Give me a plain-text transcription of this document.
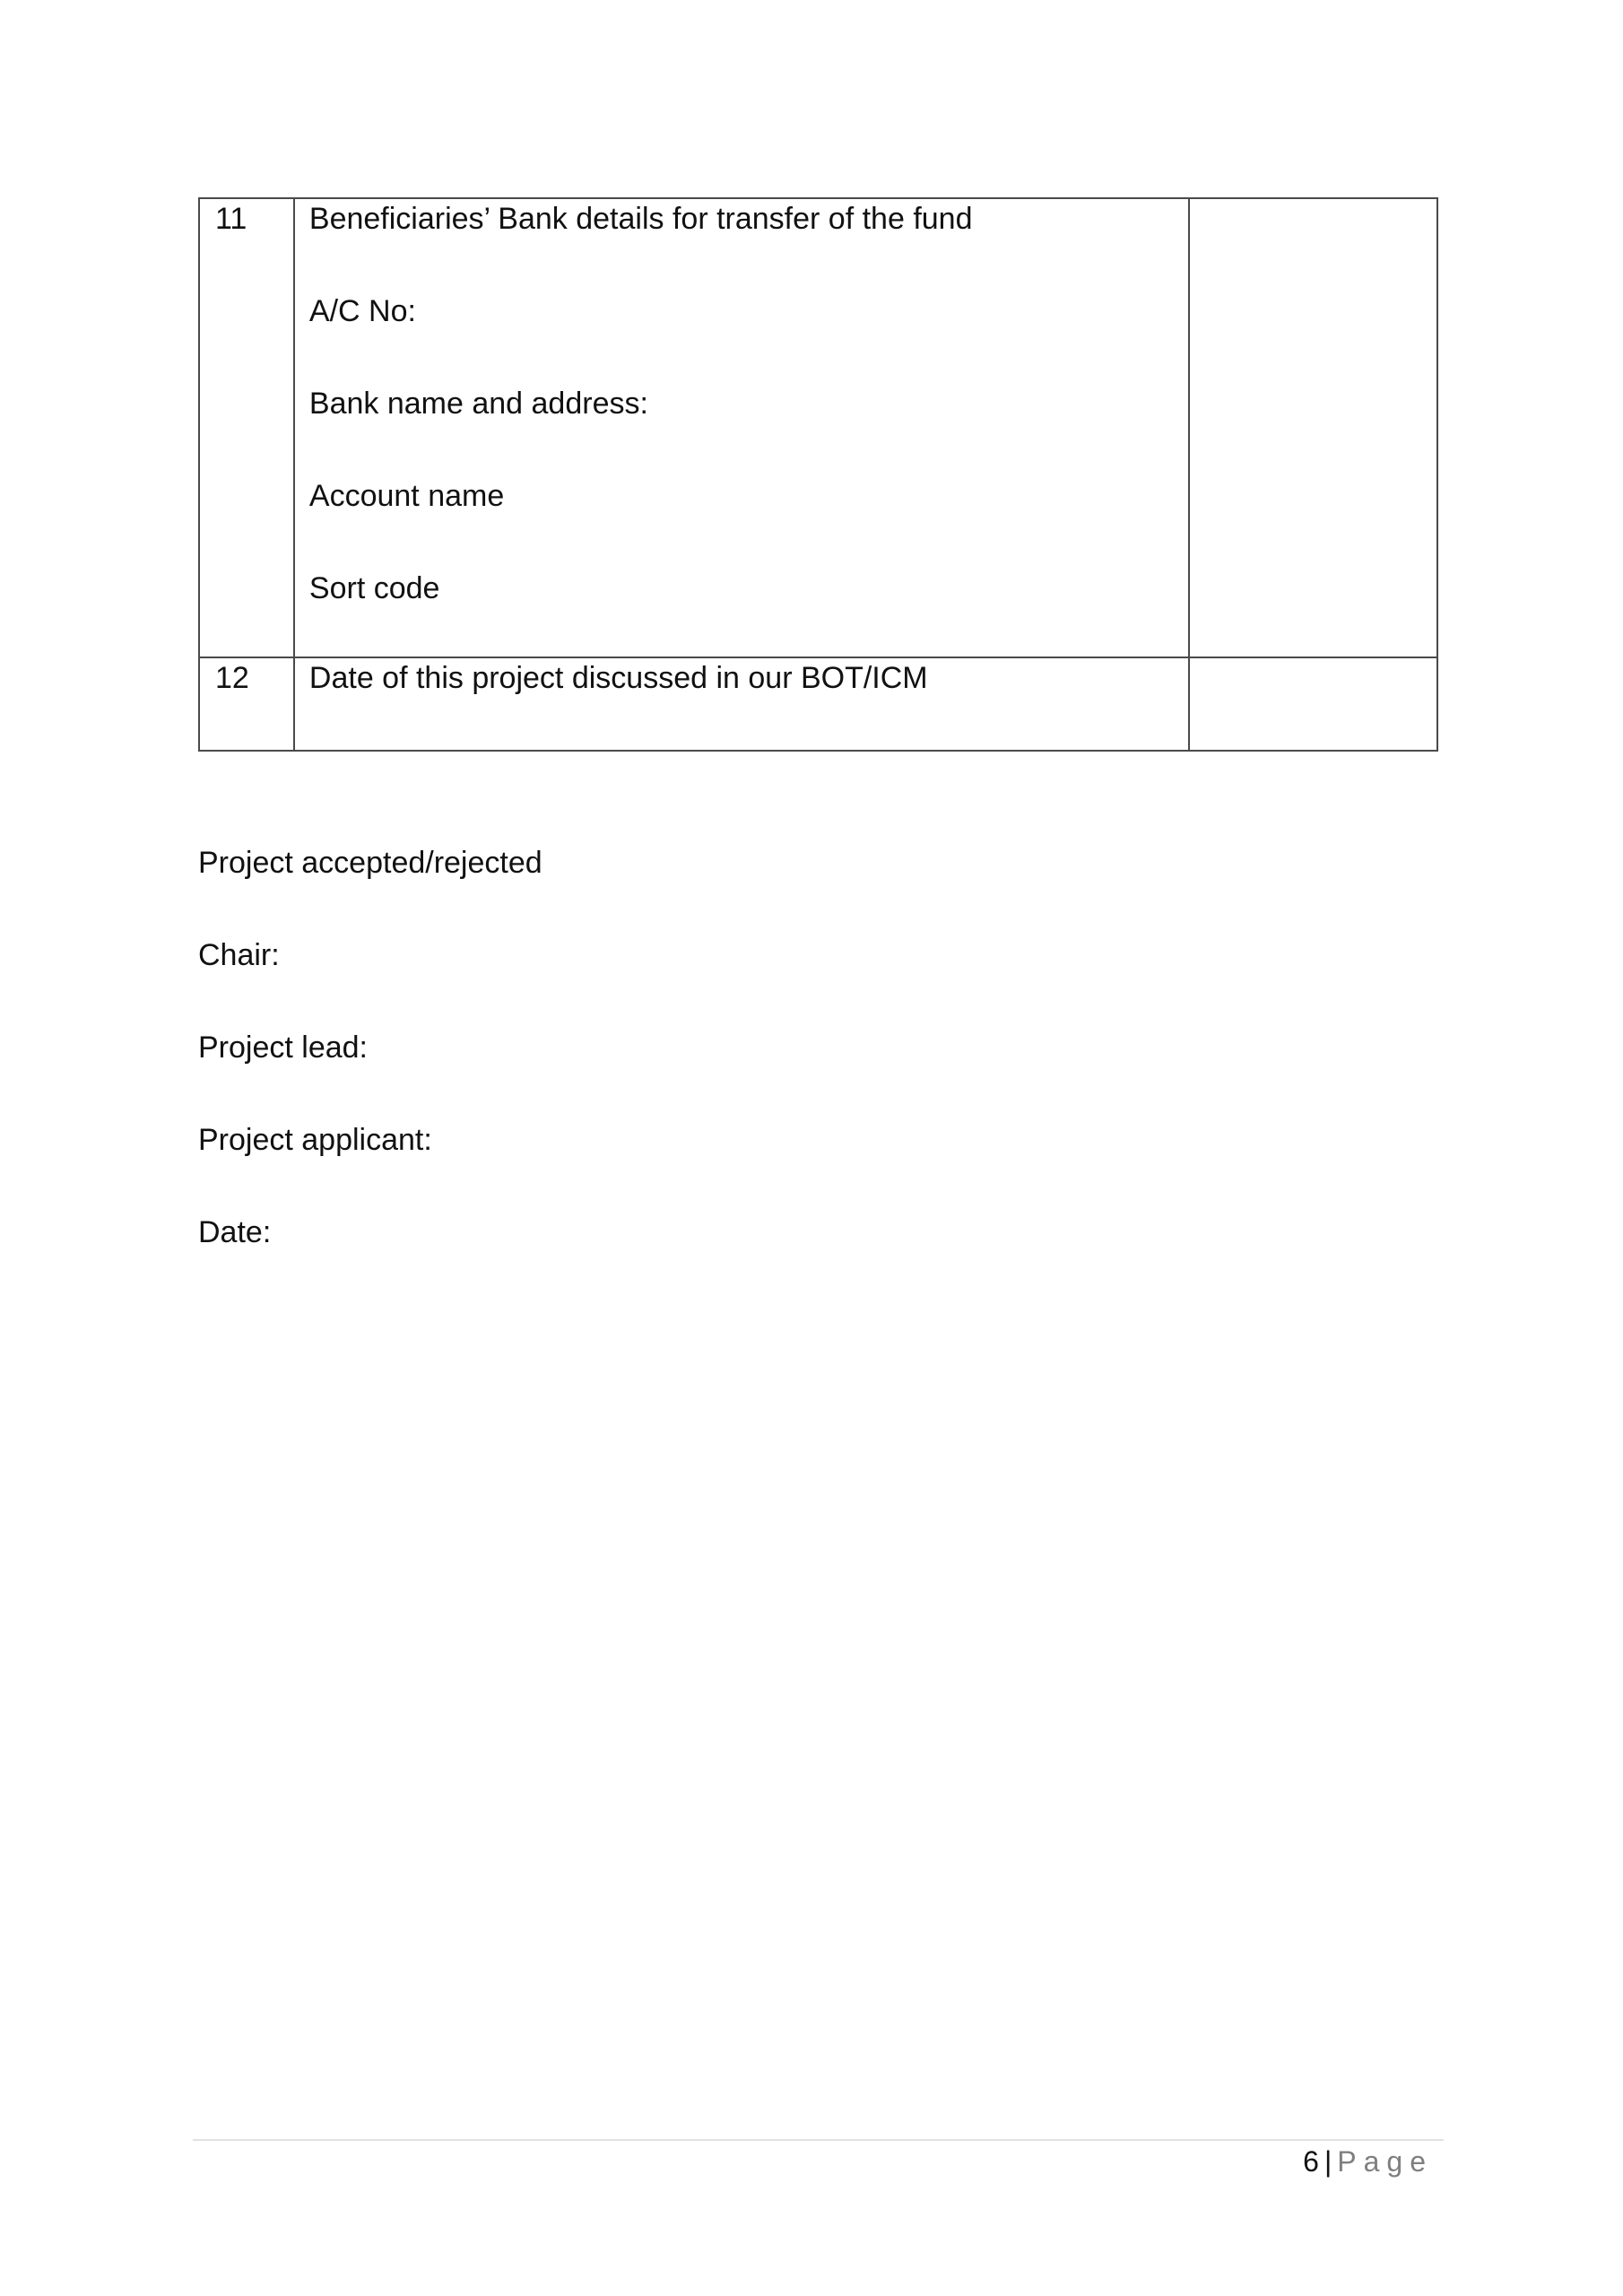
11	Beneficiaries’ Bank details for transfer of the fund
A/C No:
Bank name and address:
Account name
Sort code	

12	Date of this project discussed in our BOT/ICM	

Project accepted/rejected
Chair:
Project lead:
Project applicant:
Date:
6 | Page
